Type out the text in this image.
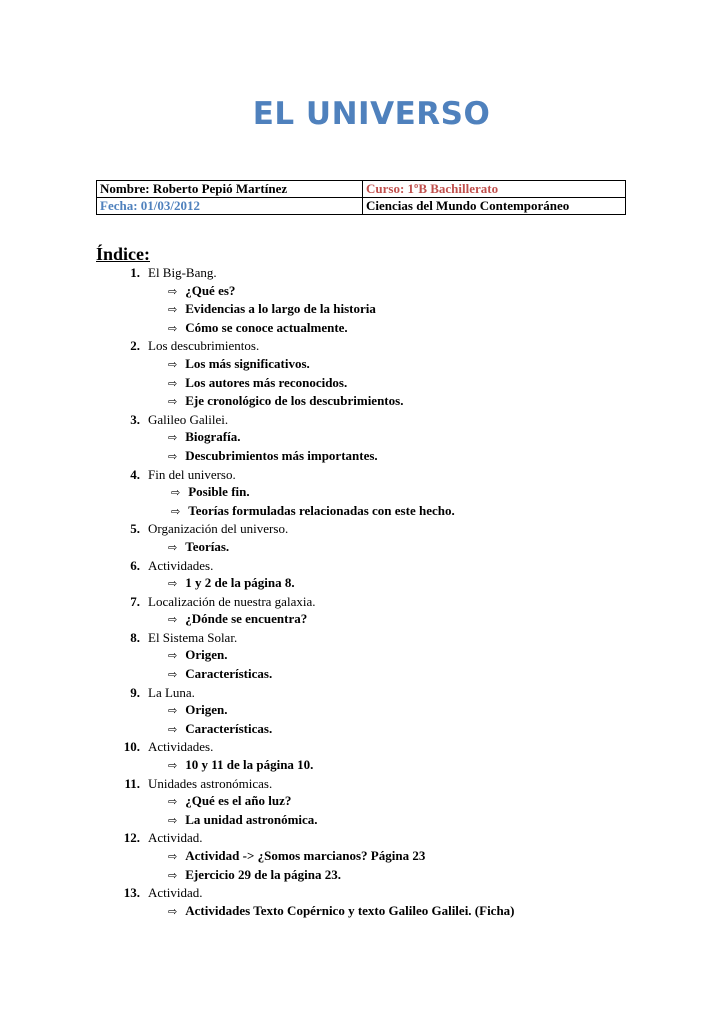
EL UNIVERSO
Nombre: Roberto Pepió Martínez	Curso: 1ºB Bachillerato
Fecha: 01/03/2012	Ciencias del Mundo Contemporáneo
Índice:
1. El Big-Bang.
⇨ ¿Qué es?
⇨ Evidencias a lo largo de la historia
⇨ Cómo se conoce actualmente.
2. Los descubrimientos.
⇨ Los más significativos.
⇨ Los autores más reconocidos.
⇨ Eje cronológico de los descubrimientos.
3. Galileo Galilei.
⇨ Biografía.
⇨ Descubrimientos más importantes.
4. Fin del universo.
⇨ Posible fin.
⇨ Teorías formuladas relacionadas con este hecho.
5. Organización del universo.
⇨ Teorías.
6. Actividades.
⇨ 1 y 2 de la página 8.
7. Localización de nuestra galaxia.
⇨ ¿Dónde se encuentra?
8. El Sistema Solar.
⇨ Origen.
⇨ Características.
9. La Luna.
⇨ Origen.
⇨ Características.
10. Actividades.
⇨ 10 y 11 de la página 10.
11. Unidades astronómicas.
⇨ ¿Qué es el año luz?
⇨ La unidad astronómica.
12. Actividad.
⇨ Actividad -> ¿Somos marcianos? Página 23
⇨ Ejercicio 29 de la página 23.
13. Actividad.
⇨ Actividades Texto Copérnico y texto Galileo Galilei. (Ficha)
